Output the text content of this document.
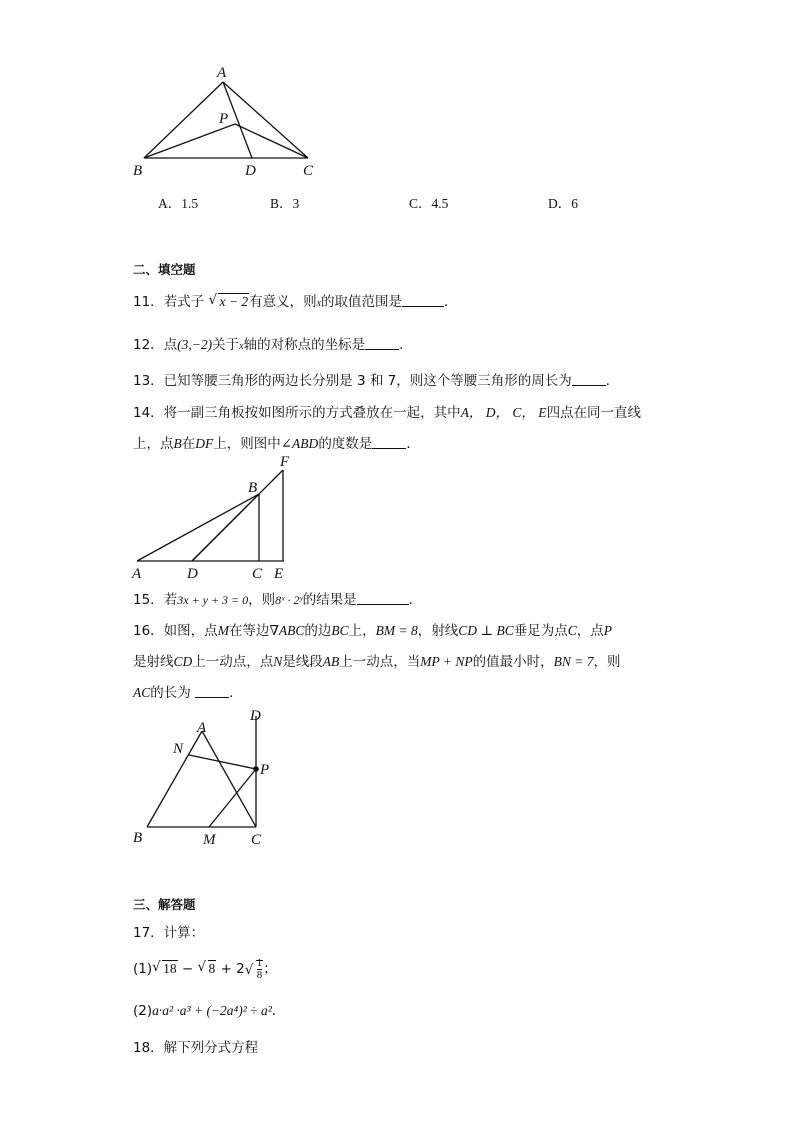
A
P
B	D	C
A．1.5	B．3	C．4.5	D．6
二、填空题
11．若式子 √ x − 2有意义，则x的取值范围是	．
12．点(3,−2)关于x轴的对称点的坐标是	．
13．已知等腰三角形的两边长分别是 3 和 7，则这个等腰三角形的周长为	．
14．将一副三角板按如图所示的方式叠放在一起，其中A， D， C， E四点在同一直线
上，点B在DF上，则图中∠ABD的度数是	．
F
B
A	D	C E
15．若3x + y + 3 = 0，则8ˣ · 2ʸ的结果是	．
16．如图，点M在等边∇ABC的边BC上，BM = 8，射线CD ⊥ BC垂足为点C，点P
是射线CD上一动点，点N是线段AB上一动点，当MP + NP的值最小时，BN = 7，则
AC的长为	．
A
D
N
P
B	M C
三、解答题
17．计算：
(1) √ 18 − √ 8 + 2 √ $\frac{1}{8}$ ；
(2)a·a² ·a³ + (−2a⁴)² ÷ a²．
18．解下列分式方程
